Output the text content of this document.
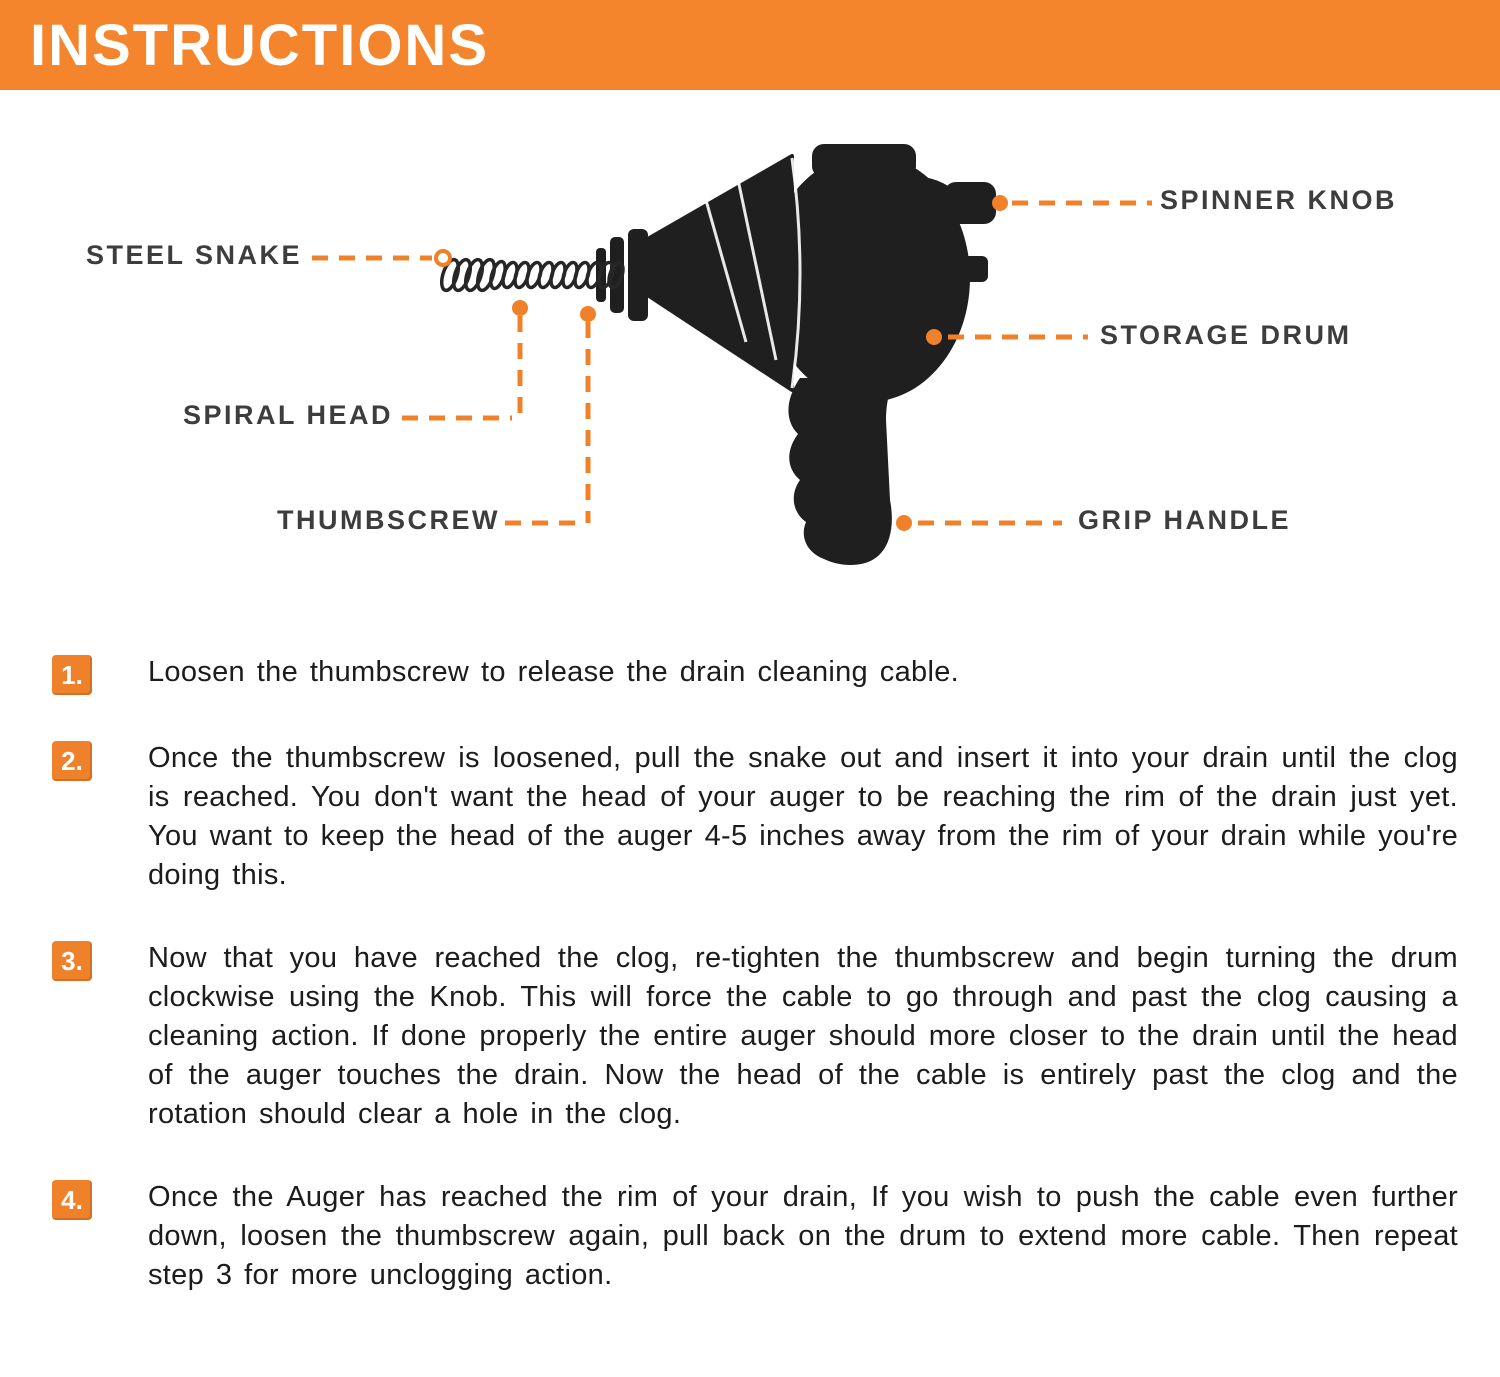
INSTRUCTIONS
STEEL SNAKE
SPIRAL HEAD
THUMBSCREW
SPINNER KNOB
STORAGE DRUM
GRIP HANDLE
1.	Loosen the thumbscrew to release the drain cleaning cable.
2.	Once the thumbscrew is loosened, pull the snake out and insert it into your drain until the clog is reached. You don't want the head of your auger to be reaching the rim of the drain just yet. You want to keep the head of the auger 4-5 inches away from the rim of your drain while you're doing this.
3.	Now that you have reached the clog, re-tighten the thumbscrew and begin turning the drum clockwise using the Knob. This will force the cable to go through and past the clog causing a cleaning action. If done properly the entire auger should more closer to the drain until the head of the auger touches the drain. Now the head of the cable is entirely past the clog and the rotation should clear a hole in the clog.
4.	Once the Auger has reached the rim of your drain, If you wish to push the cable even further down, loosen the thumbscrew again, pull back on the drum to extend more cable. Then repeat step 3 for more unclogging action.
